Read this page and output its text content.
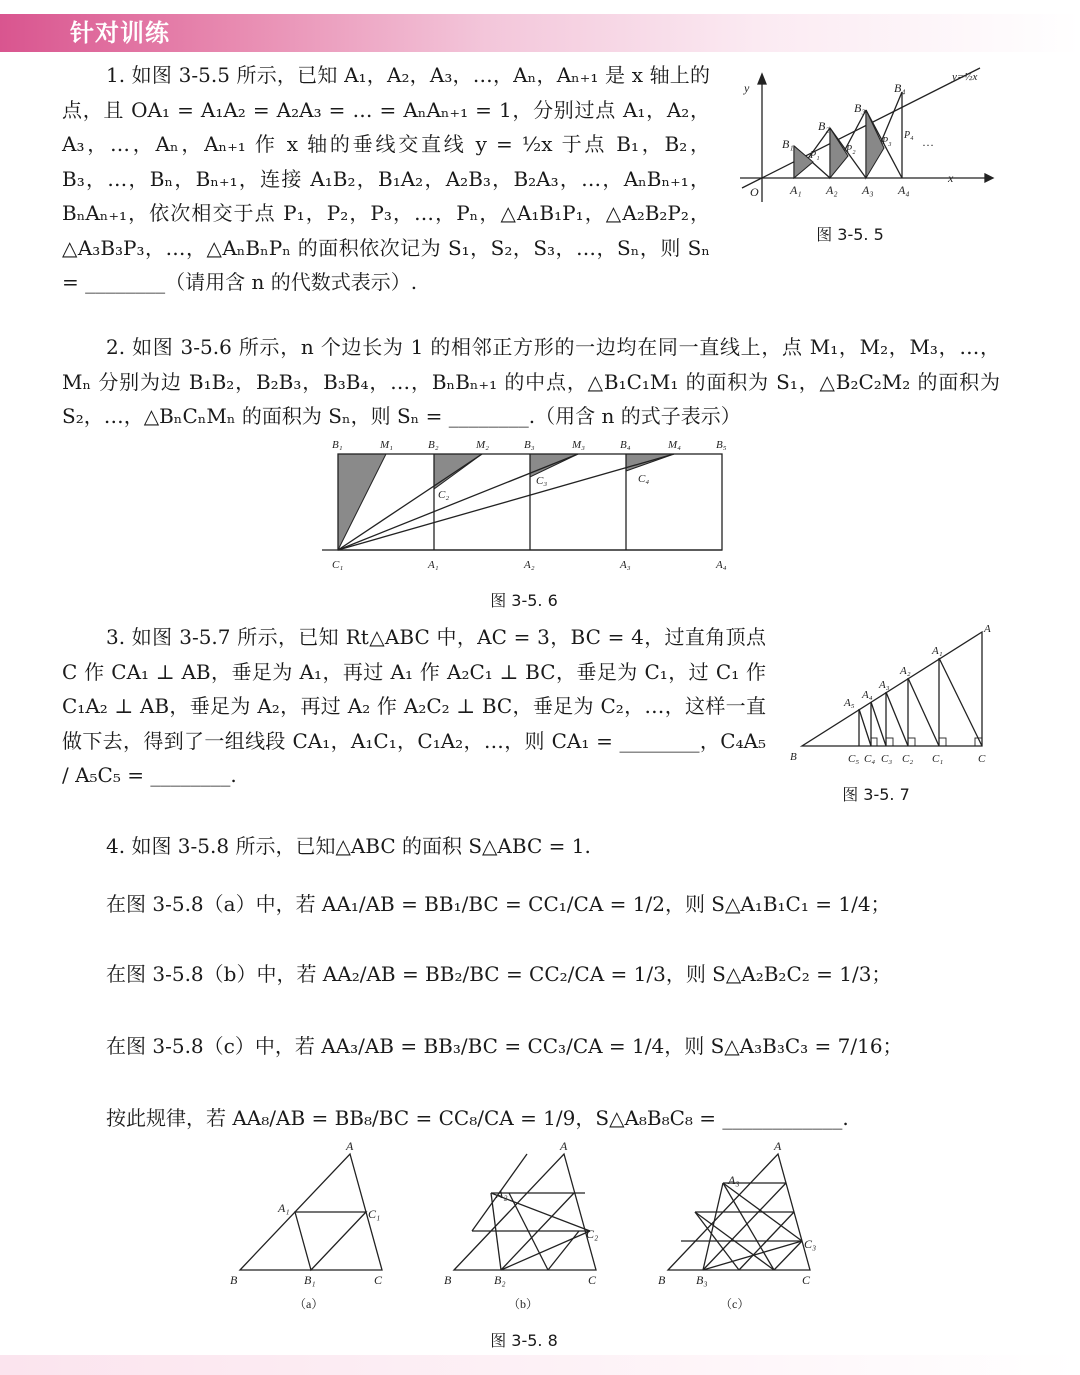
针对训练
1. 如图 3-5.5 所示，已知 A₁，A₂，A₃，…，Aₙ，Aₙ₊₁ 是 x 轴上的点，且 OA₁ = A₁A₂ = A₂A₃ = … = AₙAₙ₊₁ = 1，分别过点 A₁，A₂，A₃，…，Aₙ，Aₙ₊₁ 作 x 轴的垂线交直线 y = ½x 于点 B₁，B₂，B₃，…，Bₙ，Bₙ₊₁，连接 A₁B₂，B₁A₂，A₂B₃，B₂A₃，…，AₙBₙ₊₁，BₙAₙ₊₁，依次相交于点 P₁，P₂，P₃，…，Pₙ，△A₁B₁P₁，△A₂B₂P₂，△A₃B₃P₃，…，△AₙBₙPₙ 的面积依次记为 S₁，S₂，S₃，…，Sₙ，则 Sₙ = ________（请用含 n 的代数式表示）.
y
x
O
y=½x
…
A₁ A₂ A₃ A₄
B₁
B₂
B₃
B₄
P₁
P₂
P₃
P₄
图 3-5. 5
2. 如图 3-5.6 所示，n 个边长为 1 的相邻正方形的一边均在同一直线上，点 M₁，M₂，M₃，…，Mₙ 分别为边 B₁B₂，B₂B₃，B₃B₄，…，BₙBₙ₊₁ 的中点，△B₁C₁M₁ 的面积为 S₁，△B₂C₂M₂ 的面积为 S₂，…，△BₙCₙMₙ 的面积为 Sₙ，则 Sₙ = ________.（用含 n 的式子表示）
B₁	M₁	B₂	M₂	B₃	M₃	B₄	M₄	B₅
C₁	A₁	A₂	A₃	A₄
C₂
C₃	C₄
图 3-5. 6
3. 如图 3-5.7 所示，已知 Rt△ABC 中，AC = 3，BC = 4，过直角顶点 C 作 CA₁ ⊥ AB，垂足为 A₁，再过 A₁ 作 A₂C₁ ⊥ BC，垂足为 C₁，过 C₁ 作 C₁A₂ ⊥ AB，垂足为 A₂，再过 A₂ 作 A₂C₂ ⊥ BC，垂足为 C₂，…，这样一直做下去，得到了一组线段 CA₁，A₁C₁，C₁A₂，…，则 CA₁ = ________，C₄A₅ / A₅C₅ = ________.
A
B	C
A₁
A₂
A₃
A₄
A₅
C₁
C₂
C₃
C₄
C₅
图 3-5. 7
4. 如图 3-5.8 所示，已知△ABC 的面积 S△ABC = 1.
在图 3-5.8（a）中，若 AA₁/AB = BB₁/BC = CC₁/CA = 1/2，则 S△A₁B₁C₁ = 1/4；
在图 3-5.8（b）中，若 AA₂/AB = BB₂/BC = CC₂/CA = 1/3，则 S△A₂B₂C₂ = 1/3；
在图 3-5.8（c）中，若 AA₃/AB = BB₃/BC = CC₃/CA = 1/4，则 S△A₃B₃C₃ = 7/16；
按此规律，若 AA₈/AB = BB₈/BC = CC₈/CA = 1/9，S△A₈B₈C₈ = ____________.
A
B	C
A₁
B₁
C₁
A
B	C
A₂
B₂
C₂
A
B	C
A₃
B₃
C₃
（a）	（b）	（c）
图 3-5. 8
